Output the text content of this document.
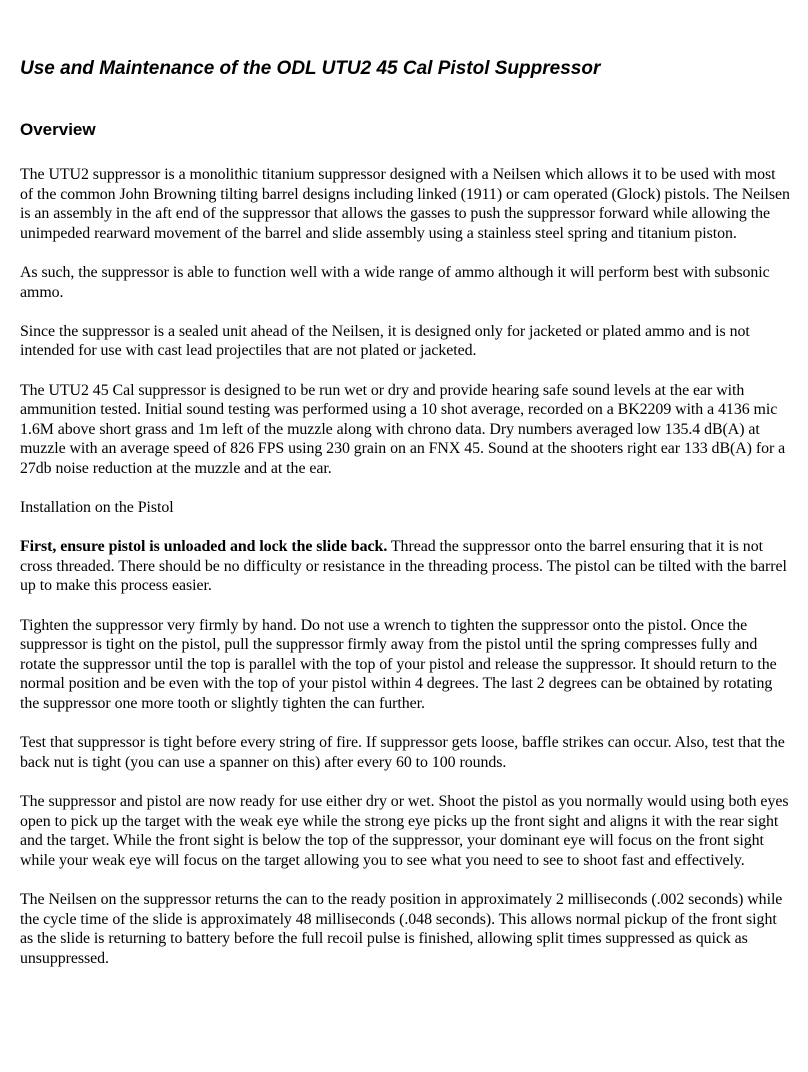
Use and Maintenance of the ODL UTU2 45 Cal Pistol Suppressor
Overview

The UTU2 suppressor is a monolithic titanium suppressor designed with a Neilsen which allows it to be used with most of the common John Browning tilting barrel designs including linked (1911) or cam operated (Glock) pistols. The Neilsen is an assembly in the aft end of the suppressor that allows the gasses to push the suppressor forward while allowing the unimpeded rearward movement of the barrel and slide assembly using a stainless steel spring and titanium piston.

As such, the suppressor is able to function well with a wide range of ammo although it will perform best with subsonic ammo.

Since the suppressor is a sealed unit ahead of the Neilsen, it is designed only for jacketed or plated ammo and is not intended for use with cast lead projectiles that are not plated or jacketed.

The UTU2 45 Cal suppressor is designed to be run wet or dry and provide hearing safe sound levels at the ear with ammunition tested. Initial sound testing was performed using a 10 shot average, recorded on a BK2209 with a 4136 mic 1.6M above short grass and 1m left of the muzzle along with chrono data. Dry numbers averaged low 135.4 dB(A) at muzzle with an average speed of 826 FPS using 230 grain on an FNX 45. Sound at the shooters right ear 133 dB(A) for a 27db noise reduction at the muzzle and at the ear.

Installation on the Pistol

First, ensure pistol is unloaded and lock the slide back. Thread the suppressor onto the barrel ensuring that it is not cross threaded. There should be no difficulty or resistance in the threading process. The pistol can be tilted with the barrel up to make this process easier.

Tighten the suppressor very firmly by hand. Do not use a wrench to tighten the suppressor onto the pistol. Once the suppressor is tight on the pistol, pull the suppressor firmly away from the pistol until the spring compresses fully and rotate the suppressor until the top is parallel with the top of your pistol and release the suppressor. It should return to the normal position and be even with the top of your pistol within 4 degrees. The last 2 degrees can be obtained by rotating the suppressor one more tooth or slightly tighten the can further.

Test that suppressor is tight before every string of fire. If suppressor gets loose, baffle strikes can occur. Also, test that the back nut is tight (you can use a spanner on this) after every 60 to 100 rounds.

The suppressor and pistol are now ready for use either dry or wet. Shoot the pistol as you normally would using both eyes open to pick up the target with the weak eye while the strong eye picks up the front sight and aligns it with the rear sight and the target. While the front sight is below the top of the suppressor, your dominant eye will focus on the front sight while your weak eye will focus on the target allowing you to see what you need to see to shoot fast and effectively.

The Neilsen on the suppressor returns the can to the ready position in approximately 2 milliseconds (.002 seconds) while the cycle time of the slide is approximately 48 milliseconds (.048 seconds). This allows normal pickup of the front sight as the slide is returning to battery before the full recoil pulse is finished, allowing split times suppressed as quick as unsuppressed.
